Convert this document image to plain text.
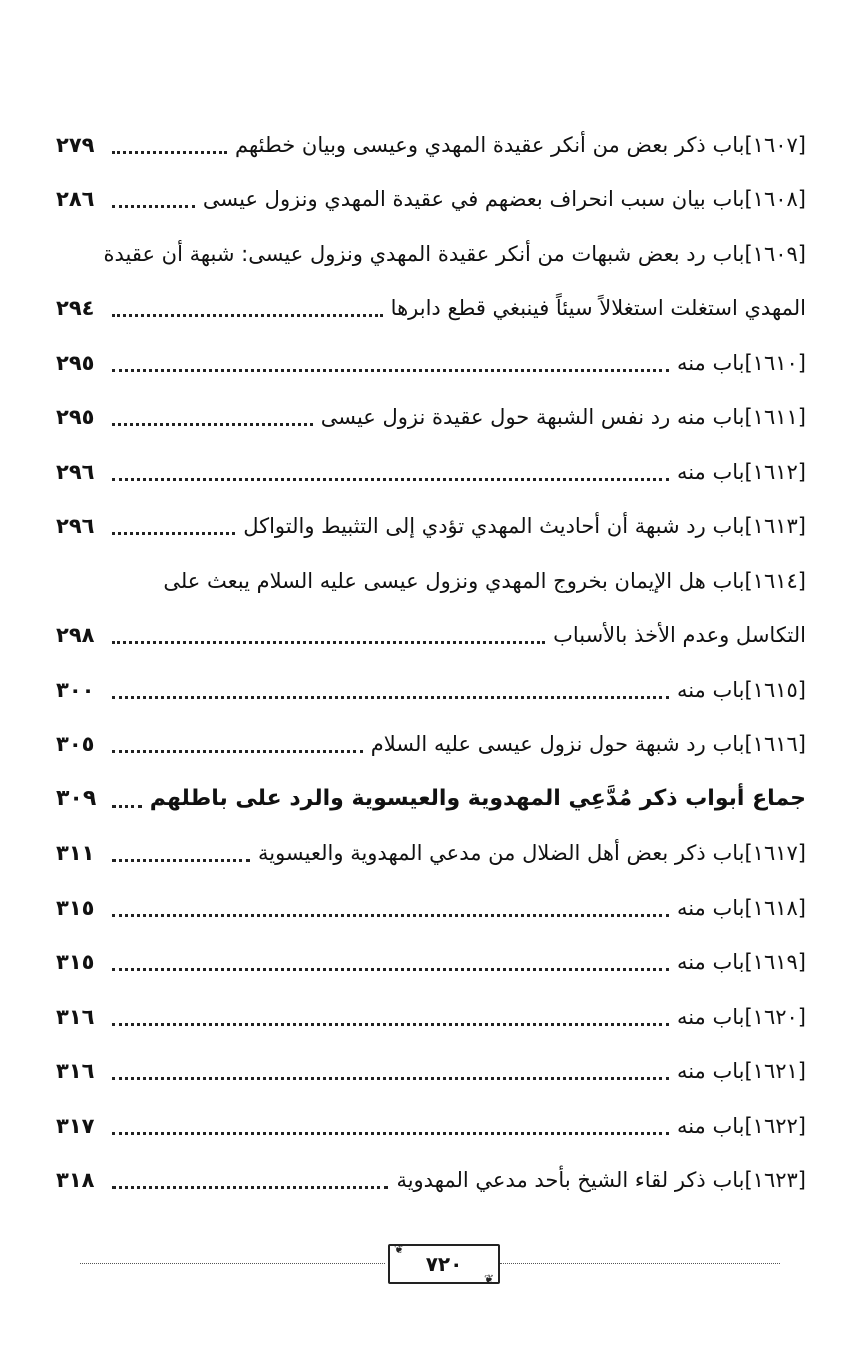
[١٦٠٧]باب ذكر بعض من أنكر عقيدة المهدي وعيسى وبيان خطئهم
٢٧٩
[١٦٠٨]باب بيان سبب انحراف بعضهم في عقيدة المهدي ونزول عيسى
٢٨٦
[١٦٠٩]باب رد بعض شبهات من أنكر عقيدة المهدي ونزول عيسى: شبهة أن عقيدة
المهدي استغلت استغلالاً سيئاً فينبغي قطع دابرها
٢٩٤
[١٦١٠]باب منه
٢٩٥
[١٦١١]باب منه رد نفس الشبهة حول عقيدة نزول عيسى
٢٩٥
[١٦١٢]باب منه
٢٩٦
[١٦١٣]باب رد شبهة أن أحاديث المهدي تؤدي إلى التثبيط والتواكل
٢٩٦
[١٦١٤]باب هل الإيمان بخروج المهدي ونزول عيسى عليه السلام يبعث على
التكاسل وعدم الأخذ بالأسباب
٢٩٨
[١٦١٥]باب منه
٣٠٠
[١٦١٦]باب رد شبهة حول نزول عيسى عليه السلام
٣٠٥
جماع أبواب ذكر مُدَّعِي المهدوية والعيسوية والرد على باطلهم
٣٠٩
[١٦١٧]باب ذكر بعض أهل الضلال من مدعي المهدوية والعيسوية
٣١١
[١٦١٨]باب منه
٣١٥
[١٦١٩]باب منه
٣١٥
[١٦٢٠]باب منه
٣١٦
[١٦٢١]باب منه
٣١٦
[١٦٢٢]باب منه
٣١٧
[١٦٢٣]باب ذكر لقاء الشيخ بأحد مدعي المهدوية
٣١٨
❦
٧٢٠
❦
